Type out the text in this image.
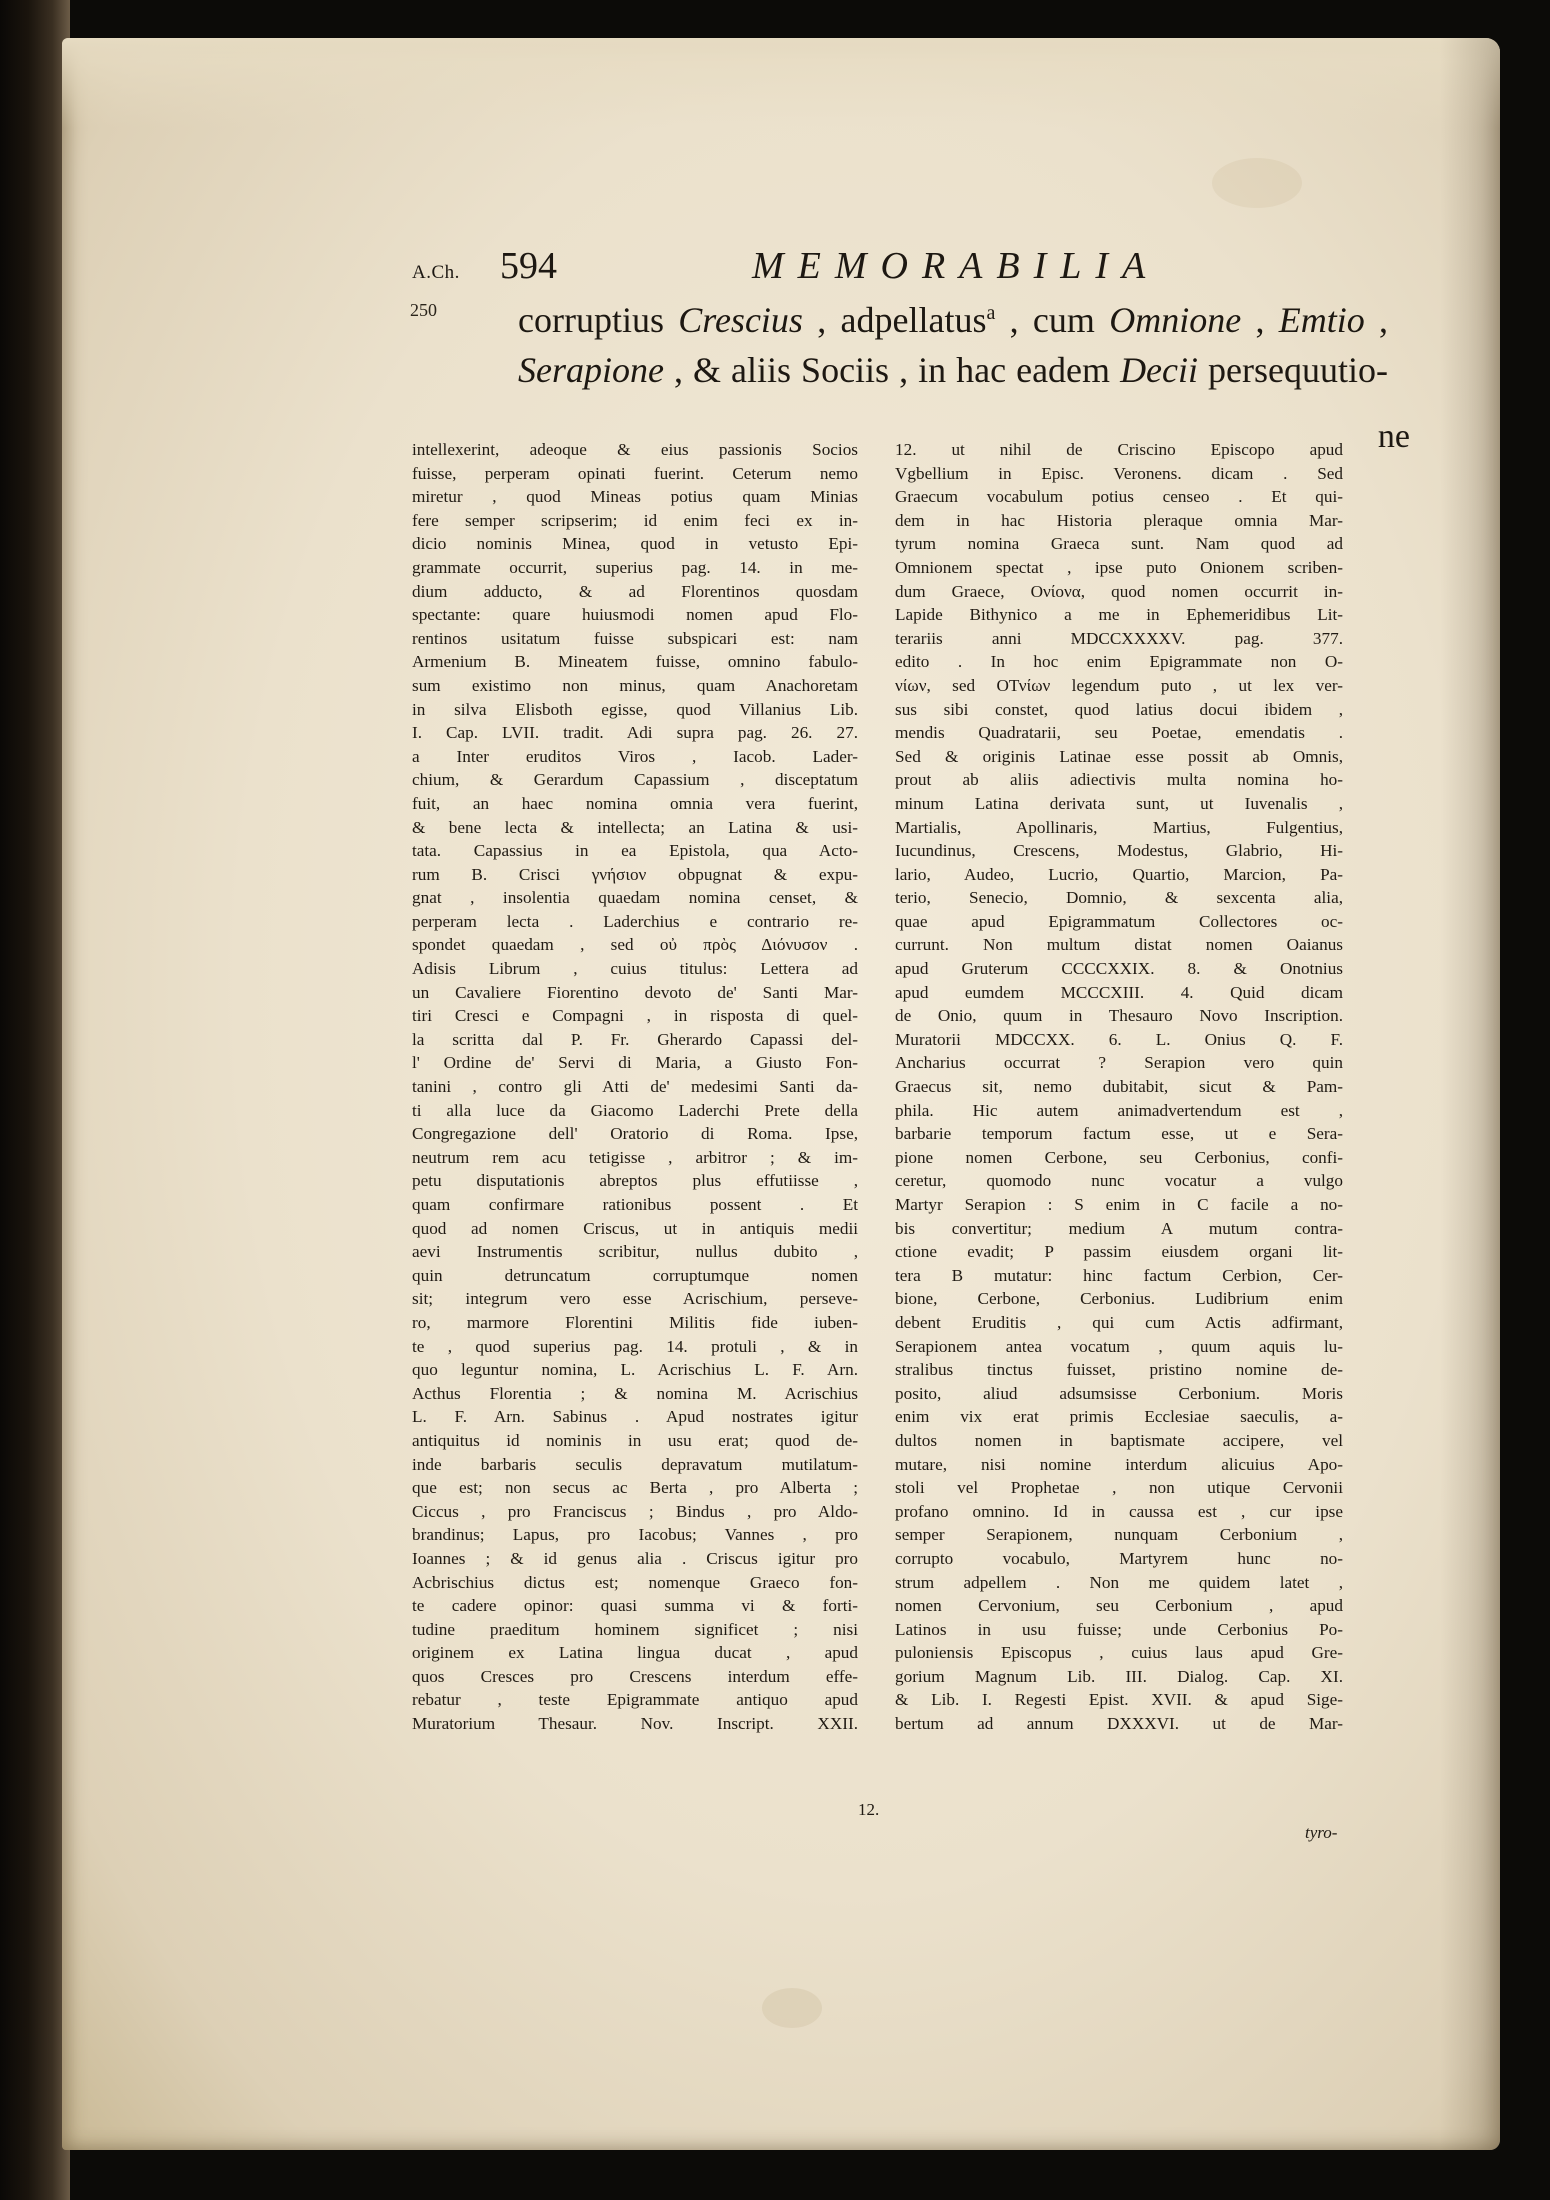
A.Ch. 594	MEMORABILIA
250 corruptius Crescius , adpellatus$^a$ , cum Omnione , Emtio ,
Serapione , & aliis Sociis , in hac eadem Decii persequutio-
ne
intellexerint, adeoque & eius passionis Socios
fuisse, perperam opinati fuerint. Ceterum nemo
miretur , quod Mineas potius quam Minias
fere semper scripserim; id enim feci ex in-
dicio nominis Minea, quod in vetusto Epi-
grammate occurrit, superius pag. 14. in me-
dium adducto, & ad Florentinos quosdam
spectante: quare huiusmodi nomen apud Flo-
rentinos usitatum fuisse subspicari est: nam
Armenium B. Mineatem fuisse, omnino fabulo-
sum existimo non minus, quam Anachoretam
in silva Elisboth egisse, quod Villanius Lib.
I. Cap. LVII. tradit. Adi supra pag. 26. 27.
a Inter eruditos Viros , Iacob. Lader-
chium, & Gerardum Capassium , disceptatum
fuit, an haec nomina omnia vera fuerint,
& bene lecta & intellecta; an Latina & usi-
tata. Capassius in ea Epistola, qua Acto-
rum B. Crisci γνήσιον obpugnat & expu-
gnat , insolentia quaedam nomina censet, &
perperam lecta . Laderchius e contrario re-
spondet quaedam , sed οὐ πρὸς Διόνυσον .
Adisis Librum , cuius titulus: Lettera ad
un Cavaliere Fiorentino devoto de' Santi Mar-
tiri Cresci e Compagni , in risposta di quel-
la scritta dal P. Fr. Gherardo Capassi del-
l' Ordine de' Servi di Maria, a Giusto Fon-
tanini , contro gli Atti de' medesimi Santi da-
ti alla luce da Giacomo Laderchi Prete della
Congregazione dell' Oratorio di Roma. Ipse,
neutrum rem acu tetigisse , arbitror ; & im-
petu disputationis abreptos plus effutiisse ,
quam confirmare rationibus possent . Et
quod ad nomen Criscus, ut in antiquis medii
aevi Instrumentis scribitur, nullus dubito ,
quin detruncatum corruptumque nomen
sit; integrum vero esse Acrischium, perseve-
ro, marmore Florentini Militis fide iuben-
te , quod superius pag. 14. protuli , & in
quo leguntur nomina, L. Acrischius L. F. Arn.
Acthus Florentia ; & nomina M. Acrischius
L. F. Arn. Sabinus . Apud nostrates igitur
antiquitus id nominis in usu erat; quod de-
inde barbaris seculis depravatum mutilatum-
que est; non secus ac Berta , pro Alberta ;
Ciccus , pro Franciscus ; Bindus , pro Aldo-
brandinus; Lapus, pro Iacobus; Vannes , pro
Ioannes ; & id genus alia . Criscus igitur pro
Acbrischius dictus est; nomenque Graeco fon-
te cadere opinor: quasi summa vi & forti-
tudine praeditum hominem significet ; nisi
originem ex Latina lingua ducat , apud
quos Cresces pro Crescens interdum effe-
rebatur , teste Epigrammate antiquo apud
Muratorium Thesaur. Nov. Inscript. XXII.
12.
12. ut nihil de Criscino Episcopo apud
Vgbellium in Episc. Veronens. dicam . Sed
Graecum vocabulum potius censeo . Et qui-
dem in hac Historia pleraque omnia Mar-
tyrum nomina Graeca sunt. Nam quod ad
Omnionem spectat , ipse puto Onionem scriben-
dum Graece, Ονίονα, quod nomen occurrit in-
Lapide Bithynico a me in Ephemeridibus Lit-
terariis anni MDCCXXXXV. pag. 377.
edito . In hoc enim Epigrammate non O-
νίων, sed ΟΤνίων legendum puto , ut lex ver-
sus sibi constet, quod latius docui ibidem ,
mendis Quadratarii, seu Poetae, emendatis .
Sed & originis Latinae esse possit ab Omnis,
prout ab aliis adiectivis multa nomina ho-
minum Latina derivata sunt, ut Iuvenalis ,
Martialis, Apollinaris, Martius, Fulgentius,
Iucundinus, Crescens, Modestus, Glabrio, Hi-
lario, Audeo, Lucrio, Quartio, Marcion, Pa-
terio, Senecio, Domnio, & sexcenta alia,
quae apud Epigrammatum Collectores oc-
currunt. Non multum distat nomen Oaianus
apud Gruterum CCCCXXIX. 8. & Onotnius
apud eumdem MCCCXIII. 4. Quid dicam
de Onio, quum in Thesauro Novo Inscription.
Muratorii MDCCXX. 6. L. Onius Q. F.
Ancharius occurrat ? Serapion vero quin
Graecus sit, nemo dubitabit, sicut & Pam-
phila. Hic autem animadvertendum est ,
barbarie temporum factum esse, ut e Sera-
pione nomen Cerbone, seu Cerbonius, confi-
ceretur, quomodo nunc vocatur a vulgo
Martyr Serapion : S enim in C facile a no-
bis convertitur; medium A mutum contra-
ctione evadit; P passim eiusdem organi lit-
tera B mutatur: hinc factum Cerbion, Cer-
bione, Cerbone, Cerbonius. Ludibrium enim
debent Eruditis , qui cum Actis adfirmant,
Serapionem antea vocatum , quum aquis lu-
stralibus tinctus fuisset, pristino nomine de-
posito, aliud adsumsisse Cerbonium. Moris
enim vix erat primis Ecclesiae saeculis, a-
dultos nomen in baptismate accipere, vel
mutare, nisi nomine interdum alicuius Apo-
stoli vel Prophetae , non utique Cervonii
profano omnino. Id in caussa est , cur ipse
semper Serapionem, nunquam Cerbonium ,
corrupto vocabulo, Martyrem hunc no-
strum adpellem . Non me quidem latet ,
nomen Cervonium, seu Cerbonium , apud
Latinos in usu fuisse; unde Cerbonius Po-
puloniensis Episcopus , cuius laus apud Gre-
gorium Magnum Lib. III. Dialog. Cap. XI.
& Lib. I. Regesti Epist. XVII. & apud Sige-
bertum ad annum DXXXVI. ut de Mar-
tyro-
